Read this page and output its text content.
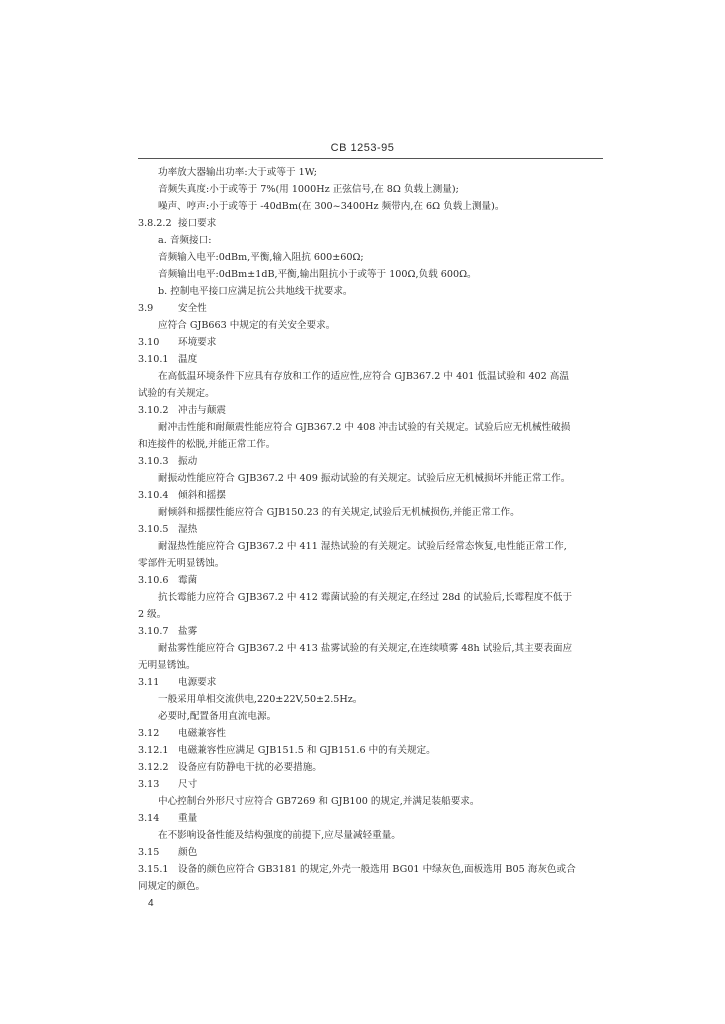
CB 1253-95
功率放大器输出功率:大于或等于 1W;
音频失真度:小于或等于 7%(用 1000Hz 正弦信号,在 8Ω 负载上测量);
噪声、哼声:小于或等于 -40dBm(在 300~3400Hz 频带内,在 6Ω 负载上测量)。
3.8.2.2 接口要求
a. 音频接口:
音频输入电平:0dBm,平衡,输入阻抗 600±60Ω;
音频输出电平:0dBm±1dB,平衡,输出阻抗小于或等于 100Ω,负载 600Ω。
b. 控制电平接口应满足抗公共地线干扰要求。
3.9	安全性
应符合 GJB663 中规定的有关安全要求。
3.10 环境要求
3.10.1 温度
在高低温环境条件下应具有存放和工作的适应性,应符合 GJB367.2 中 401 低温试验和 402 高温
试验的有关规定。
3.10.2 冲击与颠震
耐冲击性能和耐颠震性能应符合 GJB367.2 中 408 冲击试验的有关规定。试验后应无机械性破损
和连接件的松脱,并能正常工作。
3.10.3 振动
耐振动性能应符合 GJB367.2 中 409 振动试验的有关规定。试验后应无机械损坏并能正常工作。
3.10.4 倾斜和摇摆
耐倾斜和摇摆性能应符合 GJB150.23 的有关规定,试验后无机械损伤,并能正常工作。
3.10.5 湿热
耐湿热性能应符合 GJB367.2 中 411 湿热试验的有关规定。试验后经常态恢复,电性能正常工作,
零部件无明显锈蚀。
3.10.6 霉菌
抗长霉能力应符合 GJB367.2 中 412 霉菌试验的有关规定,在经过 28d 的试验后,长霉程度不低于
2 级。
3.10.7 盐雾
耐盐雾性能应符合 GJB367.2 中 413 盐雾试验的有关规定,在连续喷雾 48h 试验后,其主要表面应
无明显锈蚀。
3.11 电源要求
一般采用单相交流供电,220±22V,50±2.5Hz。
必要时,配置备用直流电源。
3.12 电磁兼容性
3.12.1 电磁兼容性应满足 GJB151.5 和 GJB151.6 中的有关规定。
3.12.2 设备应有防静电干扰的必要措施。
3.13 尺寸
中心控制台外形尺寸应符合 GB7269 和 GJB100 的规定,并满足装船要求。
3.14 重量
在不影响设备性能及结构强度的前提下,应尽量减轻重量。
3.15 颜色
3.15.1 设备的颜色应符合 GB3181 的规定,外壳一般选用 BG01 中绿灰色,面板选用 B05 海灰色或合
同规定的颜色。
4
